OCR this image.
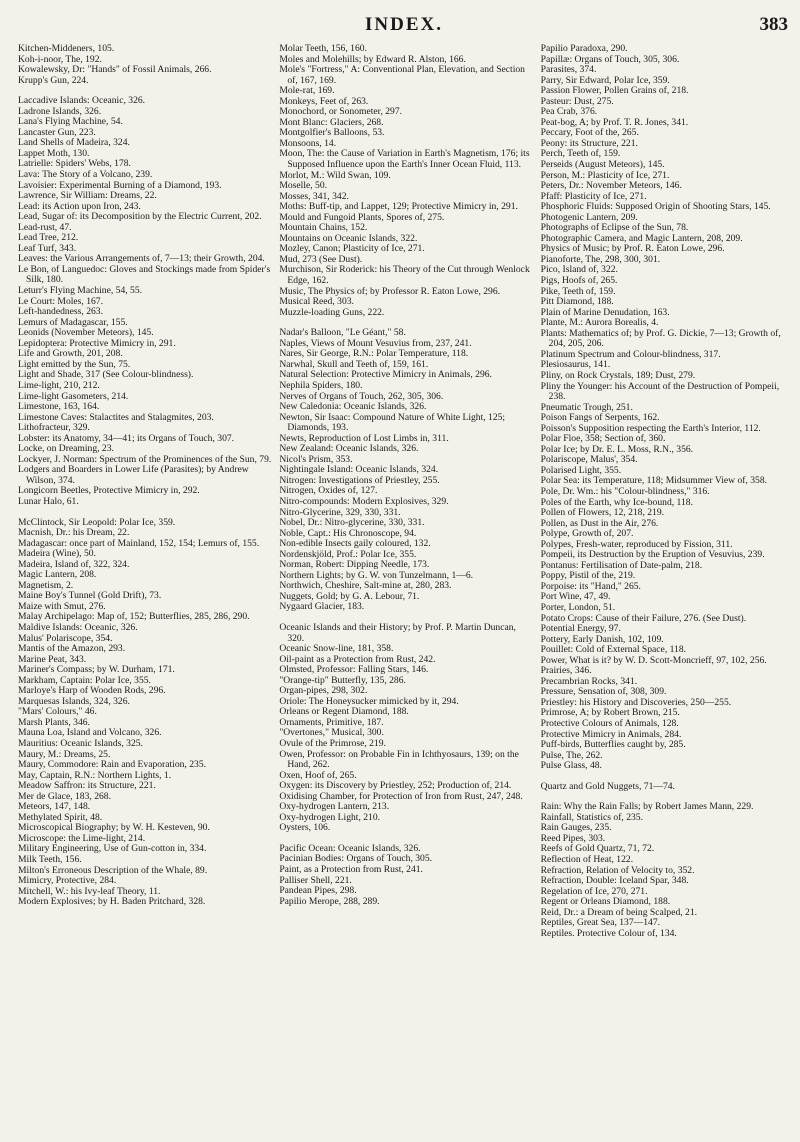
INDEX.	383

Kitchen-Middeners, 105.

Koh-i-noor, The, 192.

Kowalewsky, Dr: "Hands" of Fossil Animals, 266.

Krupp's Gun, 224.

Laccadive Islands: Oceanic, 326.

Ladrone Islands, 326.

Lana's Flying Machine, 54.

Lancaster Gun, 223.

Land Shells of Madeira, 324.

Lappet Moth, 130.

Latrielle: Spiders' Webs, 178.

Lava: The Story of a Volcano, 239.

Lavoisier: Experimental Burning of a Diamond, 193.

Lawrence, Sir William: Dreams, 22.

Lead: its Action upon Iron, 243.

Lead, Sugar of: its Decomposition by the Electric Current, 202.

Lead-rust, 47.

Lead Tree, 212.

Leaf Turf, 343.

Leaves: the Various Arrangements of, 7—13; their Growth, 204.

Le Bon, of Languedoc: Gloves and Stockings made from Spider's Silk, 180.

Leturr's Flying Machine, 54, 55.

Le Court: Moles, 167.

Left-handedness, 263.

Lemurs of Madagascar, 155.

Leonids (November Meteors), 145.

Lepidoptera: Protective Mimicry in, 291.

Life and Growth, 201, 208.

Light emitted by the Sun, 75.

Light and Shade, 317 (See Colour-blindness).

Lime-light, 210, 212.

Lime-light Gasometers, 214.

Limestone, 163, 164.

Limestone Caves: Stalactites and Stalagmites, 203.

Lithofracteur, 329.

Lobster: its Anatomy, 34—41; its Organs of Touch, 307.

Locke, on Dreaming, 23.

Lockyer, J. Norman: Spectrum of the Prominences of the Sun, 79.

Lodgers and Boarders in Lower Life (Parasites); by Andrew Wilson, 374.

Longicorn Beetles, Protective Mimicry in, 292.

Lunar Halo, 61.

McClintock, Sir Leopold: Polar Ice, 359.

Macnish, Dr.: his Dream, 22.

Madagascar: once part of Mainland, 152, 154; Lemurs of, 155.

Madeira (Wine), 50.

Madeira, Island of, 322, 324.

Magic Lantern, 208.

Magnetism, 2.

Maine Boy's Tunnel (Gold Drift), 73.

Maize with Smut, 276.

Malay Archipelago: Map of, 152; Butterflies, 285, 286, 290.

Maldive Islands: Oceanic, 326.

Malus' Polariscope, 354.

Mantis of the Amazon, 293.

Marine Peat, 343.

Mariner's Compass; by W. Durham, 171.

Markham, Captain: Polar Ice, 355.

Marloye's Harp of Wooden Rods, 296.

Marquesas Islands, 324, 326.

"Mars' Colours," 46.

Marsh Plants, 346.

Mauna Loa, Island and Volcano, 326.

Mauritius: Oceanic Islands, 325.

Maury, M.: Dreams, 25.

Maury, Commodore: Rain and Evaporation, 235.

May, Captain, R.N.: Northern Lights, 1.

Meadow Saffron: its Structure, 221.

Mer de Glace, 183, 268.

Meteors, 147, 148.

Methylated Spirit, 48.

Microscopical Biography; by W. H. Kesteven, 90.

Microscope: the Lime-light, 214.

Military Engineering, Use of Gun-cotton in, 334.

Milk Teeth, 156.

Milton's Erroneous Description of the Whale, 89.

Mimicry, Protective, 284.

Mitchell, W.: his Ivy-leaf Theory, 11.

Modern Explosives; by H. Baden Pritchard, 328.

Molar Teeth, 156, 160.

Moles and Molehills; by Edward R. Alston, 166.

Mole's "Fortress," A: Conventional Plan, Elevation, and Section of, 167, 169.

Mole-rat, 169.

Monkeys, Feet of, 263.

Monochord, or Sonometer, 297.

Mont Blanc: Glaciers, 268.

Montgolfier's Balloons, 53.

Monsoons, 14.

Moon, The: the Cause of Variation in Earth's Magnetism, 176; its Supposed Influence upon the Earth's Inner Ocean Fluid, 113.

Morlot, M.: Wild Swan, 109.

Moselle, 50.

Mosses, 341, 342.

Moths: Buff-tip, and Lappet, 129; Protective Mimicry in, 291.

Mould and Fungoid Plants, Spores of, 275.

Mountain Chains, 152.

Mountains on Oceanic Islands, 322.

Mozley, Canon; Plasticity of Ice, 271.

Mud, 273 (See Dust).

Murchison, Sir Roderick: his Theory of the Cut through Wenlock Edge, 162.

Music, The Physics of; by Professor R. Eaton Lowe, 296.

Musical Reed, 303.

Muzzle-loading Guns, 222.

Nadar's Balloon, "Le Géant," 58.

Naples, Views of Mount Vesuvius from, 237, 241.

Nares, Sir George, R.N.: Polar Temperature, 118.

Narwhal, Skull and Teeth of, 159, 161.

Natural Selection: Protective Mimicry in Animals, 296.

Nephila Spiders, 180.

Nerves of Organs of Touch, 262, 305, 306.

New Caledonia: Oceanic Islands, 326.

Newton, Sir Isaac: Compound Nature of White Light, 125; Diamonds, 193.

Newts, Reproduction of Lost Limbs in, 311.

New Zealand: Oceanic Islands, 326.

Nicol's Prism, 353.

Nightingale Island: Oceanic Islands, 324.

Nitrogen: Investigations of Priestley, 255.

Nitrogen, Oxides of, 127.

Nitro-compounds: Modern Explosives, 329.

Nitro-Glycerine, 329, 330, 331.

Nobel, Dr.: Nitro-glycerine, 330, 331.

Noble, Capt.: His Chronoscope, 94.

Non-edible Insects gaily coloured, 132.

Nordenskjöld, Prof.: Polar Ice, 355.

Norman, Robert: Dipping Needle, 173.

Northern Lights; by G. W. von Tunzelmann, 1—6.

Northwich, Cheshire, Salt-mine at, 280, 283.

Nuggets, Gold; by G. A. Lebour, 71.

Nygaard Glacier, 183.

Oceanic Islands and their History; by Prof. P. Martin Duncan, 320.

Oceanic Snow-line, 181, 358.

Oil-paint as a Protection from Rust, 242.

Olmsted, Professor: Falling Stars, 146.

"Orange-tip" Butterfly, 135, 286.

Organ-pipes, 298, 302.

Oriole: The Honeysucker mimicked by it, 294.

Orleans or Regent Diamond, 188.

Ornaments, Primitive, 187.

"Overtones," Musical, 300.

Ovule of the Primrose, 219.

Owen, Professor: on Probable Fin in Ichthyosaurs, 139; on the Hand, 262.

Oxen, Hoof of, 265.

Oxygen: its Discovery by Priestley, 252; Production of, 214.

Oxidising Chamber, for Protection of Iron from Rust, 247, 248.

Oxy-hydrogen Lantern, 213.

Oxy-hydrogen Light, 210.

Oysters, 106.

Pacific Ocean: Oceanic Islands, 326.

Pacinian Bodies: Organs of Touch, 305.

Paint, as a Protection from Rust, 241.

Palliser Shell, 221.

Pandean Pipes, 298.

Papilio Merope, 288, 289.

Papilio Paradoxa, 290.

Papillæ: Organs of Touch, 305, 306.

Parasites, 374.

Parry, Sir Edward, Polar Ice, 359.

Passion Flower, Pollen Grains of, 218.

Pasteur: Dust, 275.

Pea Crab, 376.

Peat-bog, A; by Prof. T. R. Jones, 341.

Peccary, Foot of the, 265.

Peony: its Structure, 221.

Perch, Teeth of, 159.

Perseids (August Meteors), 145.

Person, M.: Plasticity of Ice, 271.

Peters, Dr.: November Meteors, 146.

Pfaff: Plasticity of Ice, 271.

Phosphoric Fluids: Supposed Origin of Shooting Stars, 145.

Photogenic Lantern, 209.

Photographs of Eclipse of the Sun, 78.

Photographic Camera, and Magic Lantern, 208, 209.

Physics of Music; by Prof. R. Eaton Lowe, 296.

Pianoforte, The, 298, 300, 301.

Pico, Island of, 322.

Pigs, Hoofs of, 265.

Pike, Teeth of, 159.

Pitt Diamond, 188.

Plain of Marine Denudation, 163.

Plante, M.: Aurora Borealis, 4.

Plants: Mathematics of; by Prof. G. Dickie, 7—13; Growth of, 204, 205, 206.

Platinum Spectrum and Colour-blindness, 317.

Plesiosaurus, 141.

Pliny, on Rock Crystals, 189; Dust, 279.

Pliny the Younger: his Account of the Destruction of Pompeii, 238.

Pneumatic Trough, 251.

Poison Fangs of Serpents, 162.

Poisson's Supposition respecting the Earth's Interior, 112.

Polar Floe, 358; Section of, 360.

Polar Ice; by Dr. E. L. Moss, R.N., 356.

Polariscope, Malus', 354.

Polarised Light, 355.

Polar Sea: its Temperature, 118; Midsummer View of, 358.

Pole, Dr. Wm.: his "Colour-blindness," 316.

Poles of the Earth, why Ice-bound, 118.

Pollen of Flowers, 12, 218, 219.

Pollen, as Dust in the Air, 276.

Polype, Growth of, 207.

Polypes, Fresh-water, reproduced by Fission, 311.

Pompeii, its Destruction by the Eruption of Vesuvius, 239.

Pontanus: Fertilisation of Date-palm, 218.

Poppy, Pistil of the, 219.

Porpoise: its "Hand," 265.

Port Wine, 47, 49.

Porter, London, 51.

Potato Crops: Cause of their Failure, 276. (See Dust).

Potential Energy, 97.

Pottery, Early Danish, 102, 109.

Pouillet: Cold of External Space, 118.

Power, What is it? by W. D. Scott-Moncrieff, 97, 102, 256.

Prairies, 346.

Precambrian Rocks, 341.

Pressure, Sensation of, 308, 309.

Priestley: his History and Discoveries, 250—255.

Primrose, A; by Robert Brown, 215.

Protective Colours of Animals, 128.

Protective Mimicry in Animals, 284.

Puff-birds, Butterflies caught by, 285.

Pulse, The, 262.

Pulse Glass, 48.

Quartz and Gold Nuggets, 71—74.

Rain: Why the Rain Falls; by Robert James Mann, 229.

Rainfall, Statistics of, 235.

Rain Gauges, 235.

Reed Pipes, 303.

Reefs of Gold Quartz, 71, 72.

Reflection of Heat, 122.

Refraction, Relation of Velocity to, 352.

Refraction, Double: Iceland Spar, 348.

Regelation of Ice, 270, 271.

Regent or Orleans Diamond, 188.

Reid, Dr.: a Dream of being Scalped, 21.

Reptiles, Great Sea, 137—147.

Reptiles. Protective Colour of, 134.
